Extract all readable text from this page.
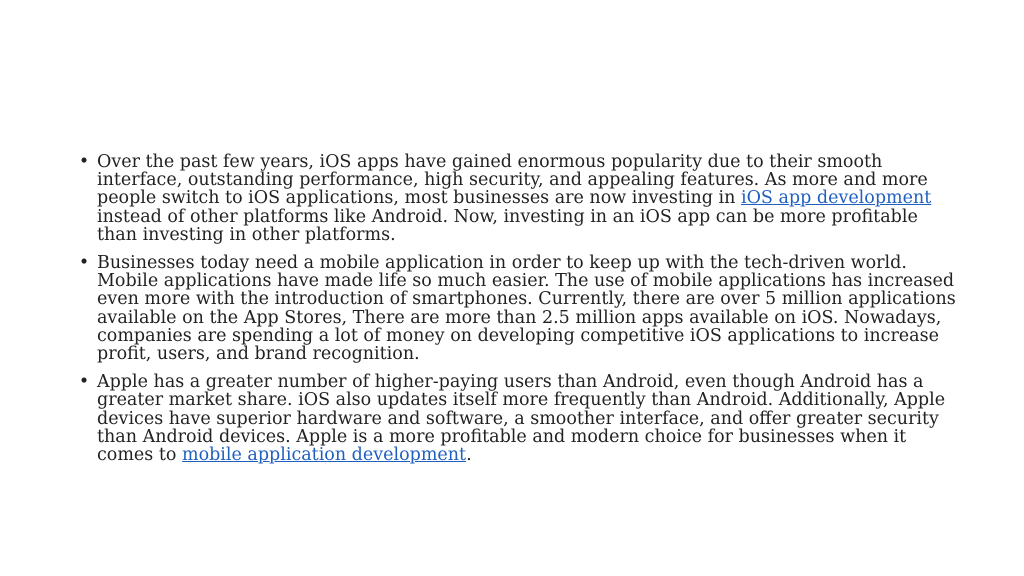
• Over the past few years, iOS apps have gained enormous popularity due to their smooth interface, outstanding performance, high security, and appealing features. As more and more people switch to iOS applications, most businesses are now investing in iOS app development instead of other platforms like Android. Now, investing in an iOS app can be more profitable than investing in other platforms.
• Businesses today need a mobile application in order to keep up with the tech-driven world. Mobile applications have made life so much easier. The use of mobile applications has increased even more with the introduction of smartphones. Currently, there are over 5 million applications available on the App Stores, There are more than 2.5 million apps available on iOS. Nowadays, companies are spending a lot of money on developing competitive iOS applications to increase profit, users, and brand recognition.
• Apple has a greater number of higher-paying users than Android, even though Android has a greater market share. iOS also updates itself more frequently than Android. Additionally, Apple devices have superior hardware and software, a smoother interface, and offer greater security than Android devices. Apple is a more profitable and modern choice for businesses when it comes to mobile application development.
